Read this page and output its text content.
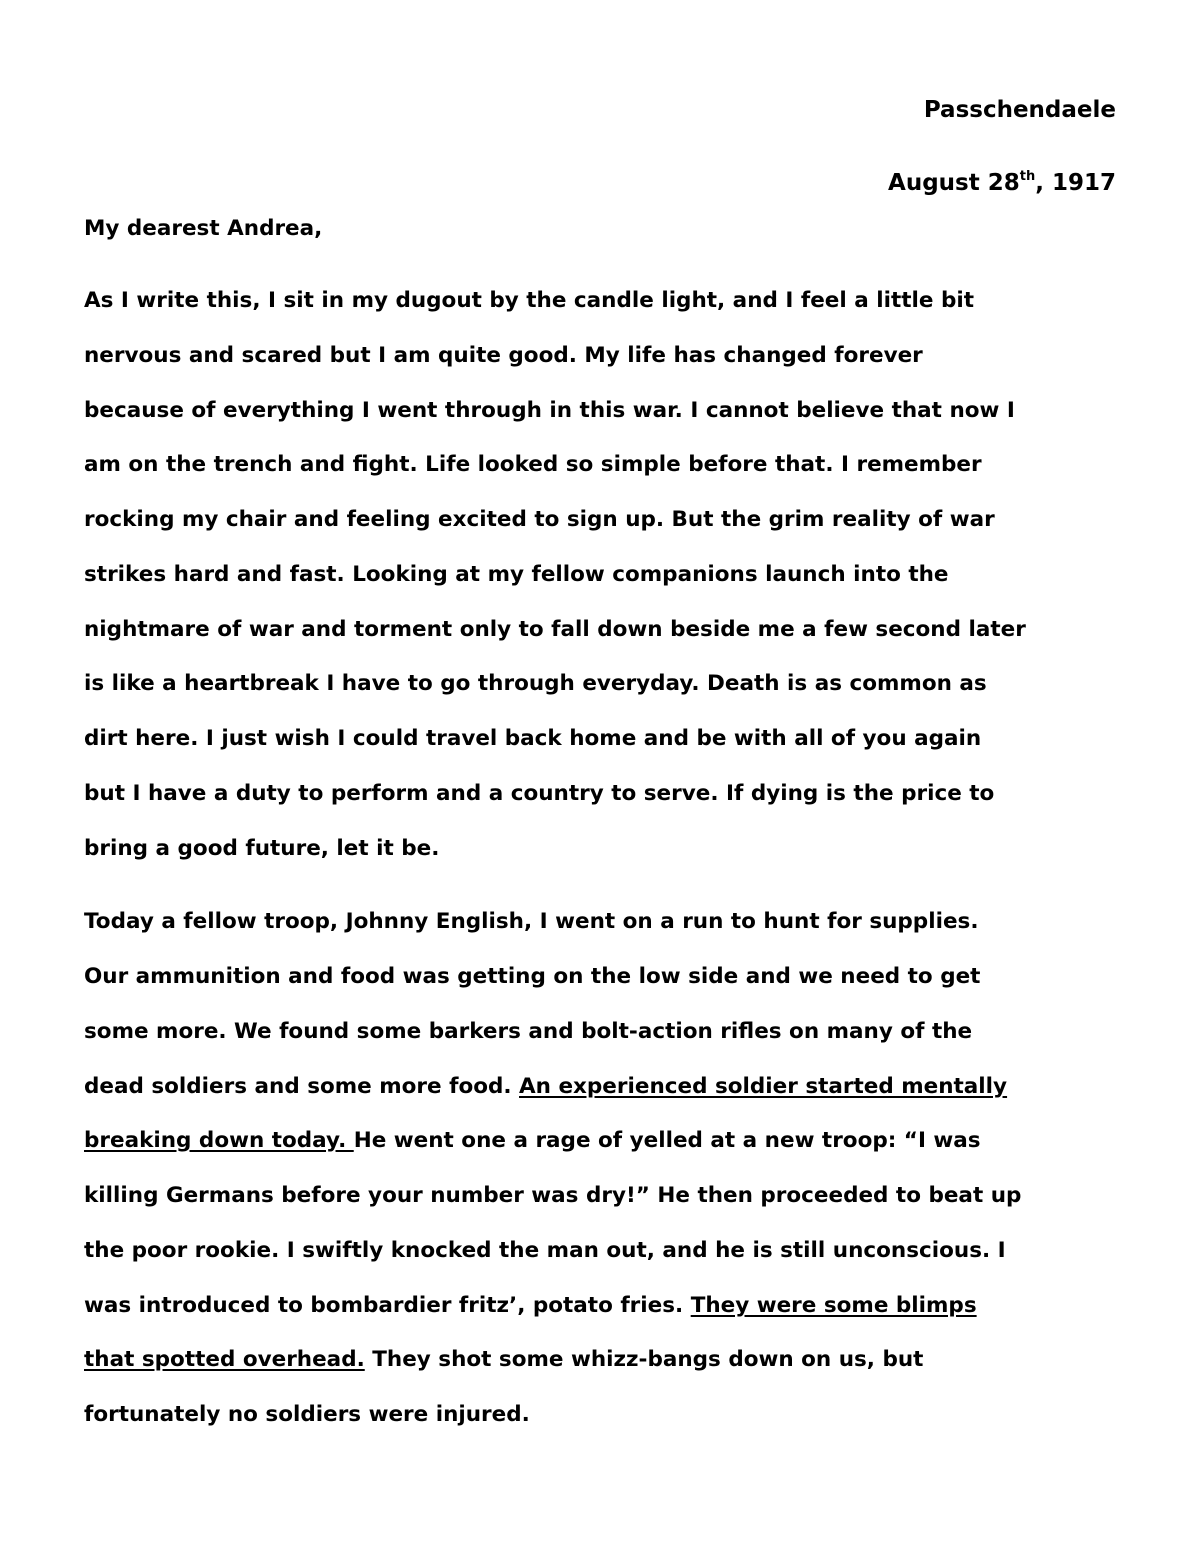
Passchendaele
August 28th, 1917
My dearest Andrea,
As I write this, I sit in my dugout by the candle light, and I feel a little bit
nervous and scared but I am quite good. My life has changed forever
because of everything I went through in this war. I cannot believe that now I
am on the trench and fight. Life looked so simple before that. I remember
rocking my chair and feeling excited to sign up. But the grim reality of war
strikes hard and fast. Looking at my fellow companions launch into the
nightmare of war and torment only to fall down beside me a few second later
is like a heartbreak I have to go through everyday. Death is as common as
dirt here. I just wish I could travel back home and be with all of you again
but I have a duty to perform and a country to serve. If dying is the price to
bring a good future, let it be.
Today a fellow troop, Johnny English, I went on a run to hunt for supplies.
Our ammunition and food was getting on the low side and we need to get
some more. We found some barkers and bolt-action rifles on many of the
dead soldiers and some more food. An experienced soldier started mentally
breaking down today. He went one a rage of yelled at a new troop: “I was
killing Germans before your number was dry!” He then proceeded to beat up
the poor rookie. I swiftly knocked the man out, and he is still unconscious. I
was introduced to bombardier fritz’, potato fries. They were some blimps
that spotted overhead. They shot some whizz-bangs down on us, but
fortunately no soldiers were injured.
